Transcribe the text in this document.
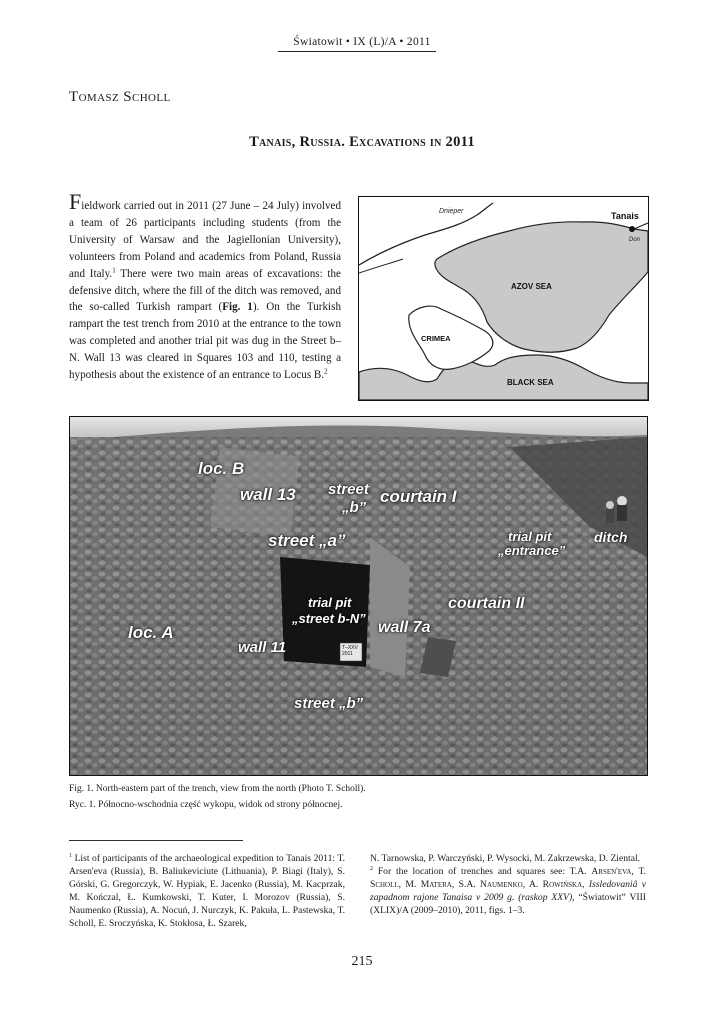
Światowit • IX (L)/A • 2011
Tomasz Scholl
Tanais, Russia. Excavations in 2011
Fieldwork carried out in 2011 (27 June – 24 July) involved a team of 26 participants including students (from the University of Warsaw and the Jagiellonian University), volunteers from Poland and academics from Poland, Russia and Italy.$^1$ There were two main areas of excavations: the defensive ditch, where the fill of the ditch was removed, and the so-called Turkish rampart (Fig. 1). On the Turkish rampart the test trench from 2010 at the entrance to the town was completed and another trial pit was dug in the Street b–N. Wall 13 was cleared in Squares 103 and 110, testing a hypothesis about the existence of an entrance to Locus B.$^2$
Dnieper	Tanais
Don
AZOV SEA
CRIMEA
BLACK SEA
loc. B
wall 13 street
„b”
courtain I
street „a”	trial pit
„entrance”
ditch
trial pit
„street b-N”
courtain II
loc. A	wall 7a
wall 11
street „b”
T–XXV
2011
Fig. 1. North-eastern part of the trench, view from the north (Photo T. Scholl).
Ryc. 1. Północno-wschodnia część wykopu, widok od strony północnej.
$^1$ List of participants of the archaeological expedition to Tanais 2011: T. Arsen'eva (Russia), B. Baliukeviciute (Lithuania), P. Biagi (Italy), S. Górski, G. Gregorczyk, W. Hypiak, E. Jacenko (Russia), M. Kacprzak, M. Kończal, Ł. Kumkowski, T. Kuter, I. Morozov (Russia), S. Naumenko (Russia), A. Nocuń, J. Nurczyk, K. Pakuła, L. Pastewska, T. Scholl, E. Sroczyńska, K. Stokłosa, Ł. Szarek,
N. Tarnowska, P. Warczyński, P. Wysocki, M. Zakrzewska, D. Ziental.
$^2$ For the location of trenches and squares see: T.A. Arsen'eva, T. Scholl, M. Matera, S.A. Naumenko, A. Rowińska, Issledovaniâ v zapadnom rajone Tanaisa v 2009 g. (raskop XXV), “Światowit” VIII (XLIX)/A (2009–2010), 2011, figs. 1–3.
215
